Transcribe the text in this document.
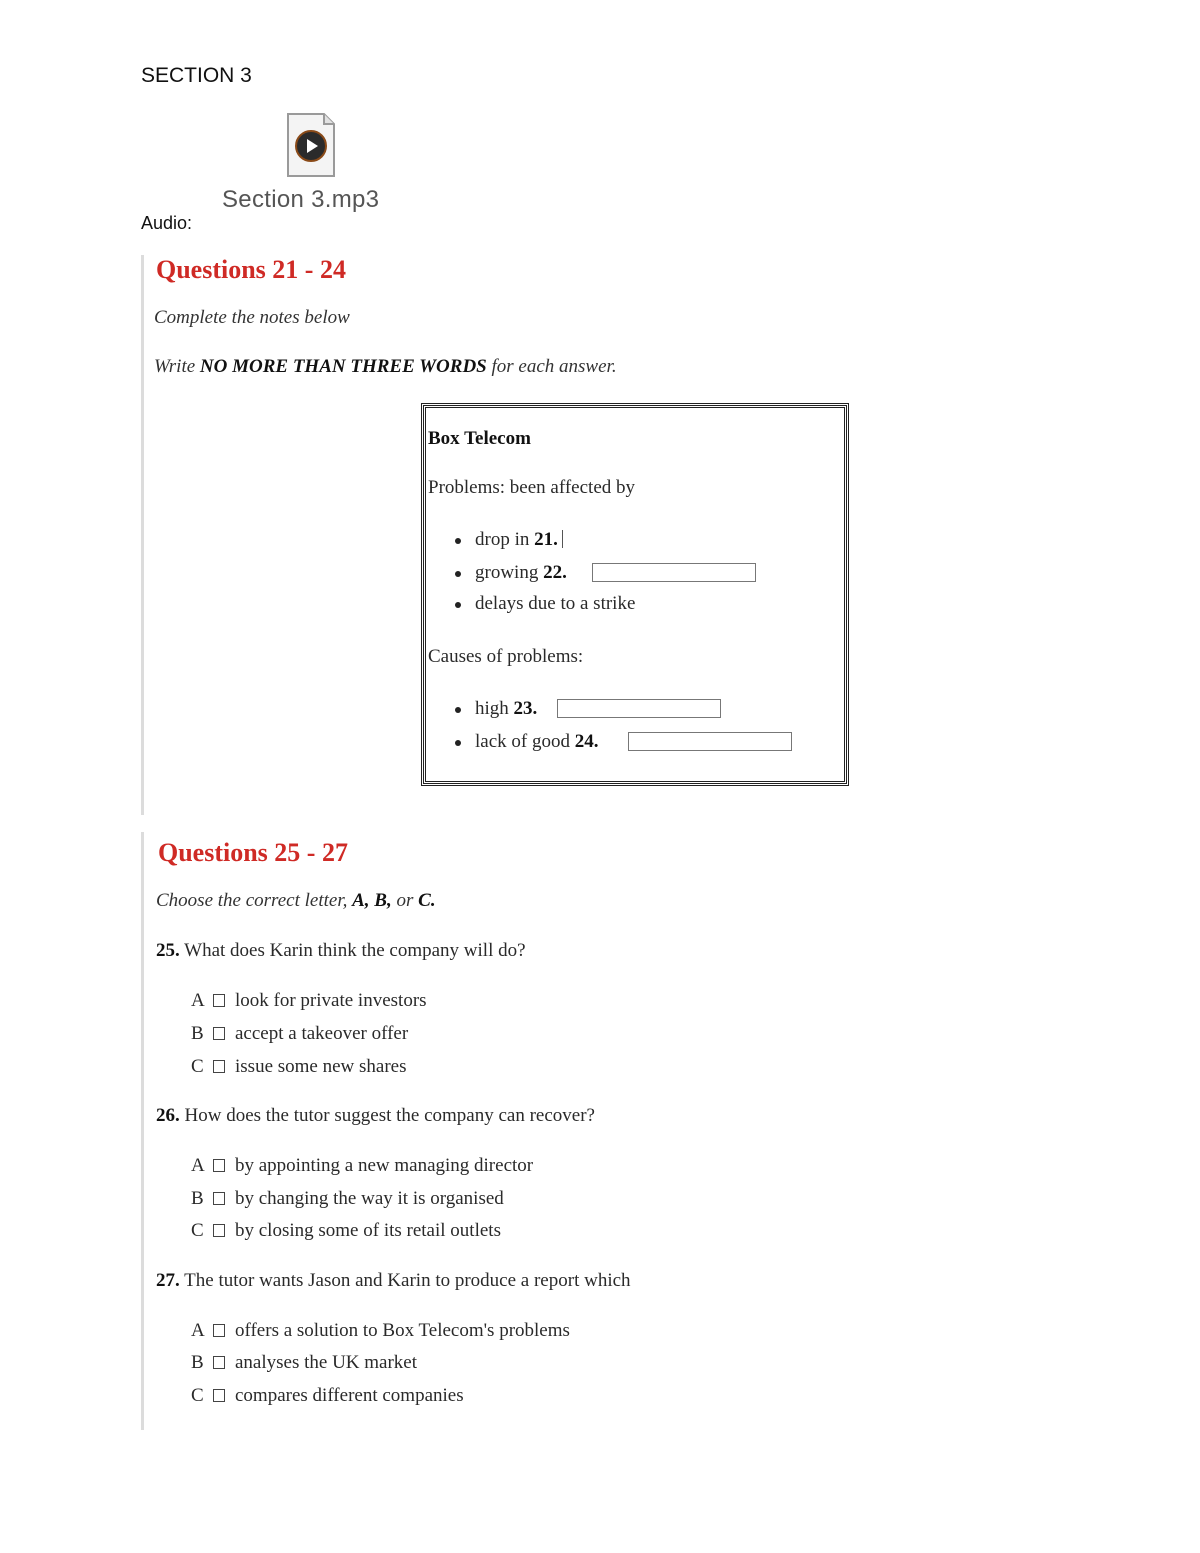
SECTION 3
Section 3.mp3
Audio:
Questions 21 - 24
Complete the notes below
Write NO MORE THAN THREE WORDS for each answer.
Box Telecom
Problems: been affected by
drop in 21.
growing 22.
delays due to a strike
Causes of problems:
high 23.
lack of good 24.
Questions 25 - 27
Choose the correct letter, A, B, or C.
25. What does Karin think the company will do?
A look for private investors
B accept a takeover offer
C issue some new shares
26. How does the tutor suggest the company can recover?
A by appointing a new managing director
B by changing the way it is organised
C by closing some of its retail outlets
27. The tutor wants Jason and Karin to produce a report which
A offers a solution to Box Telecom's problems
B analyses the UK market
C compares different companies
